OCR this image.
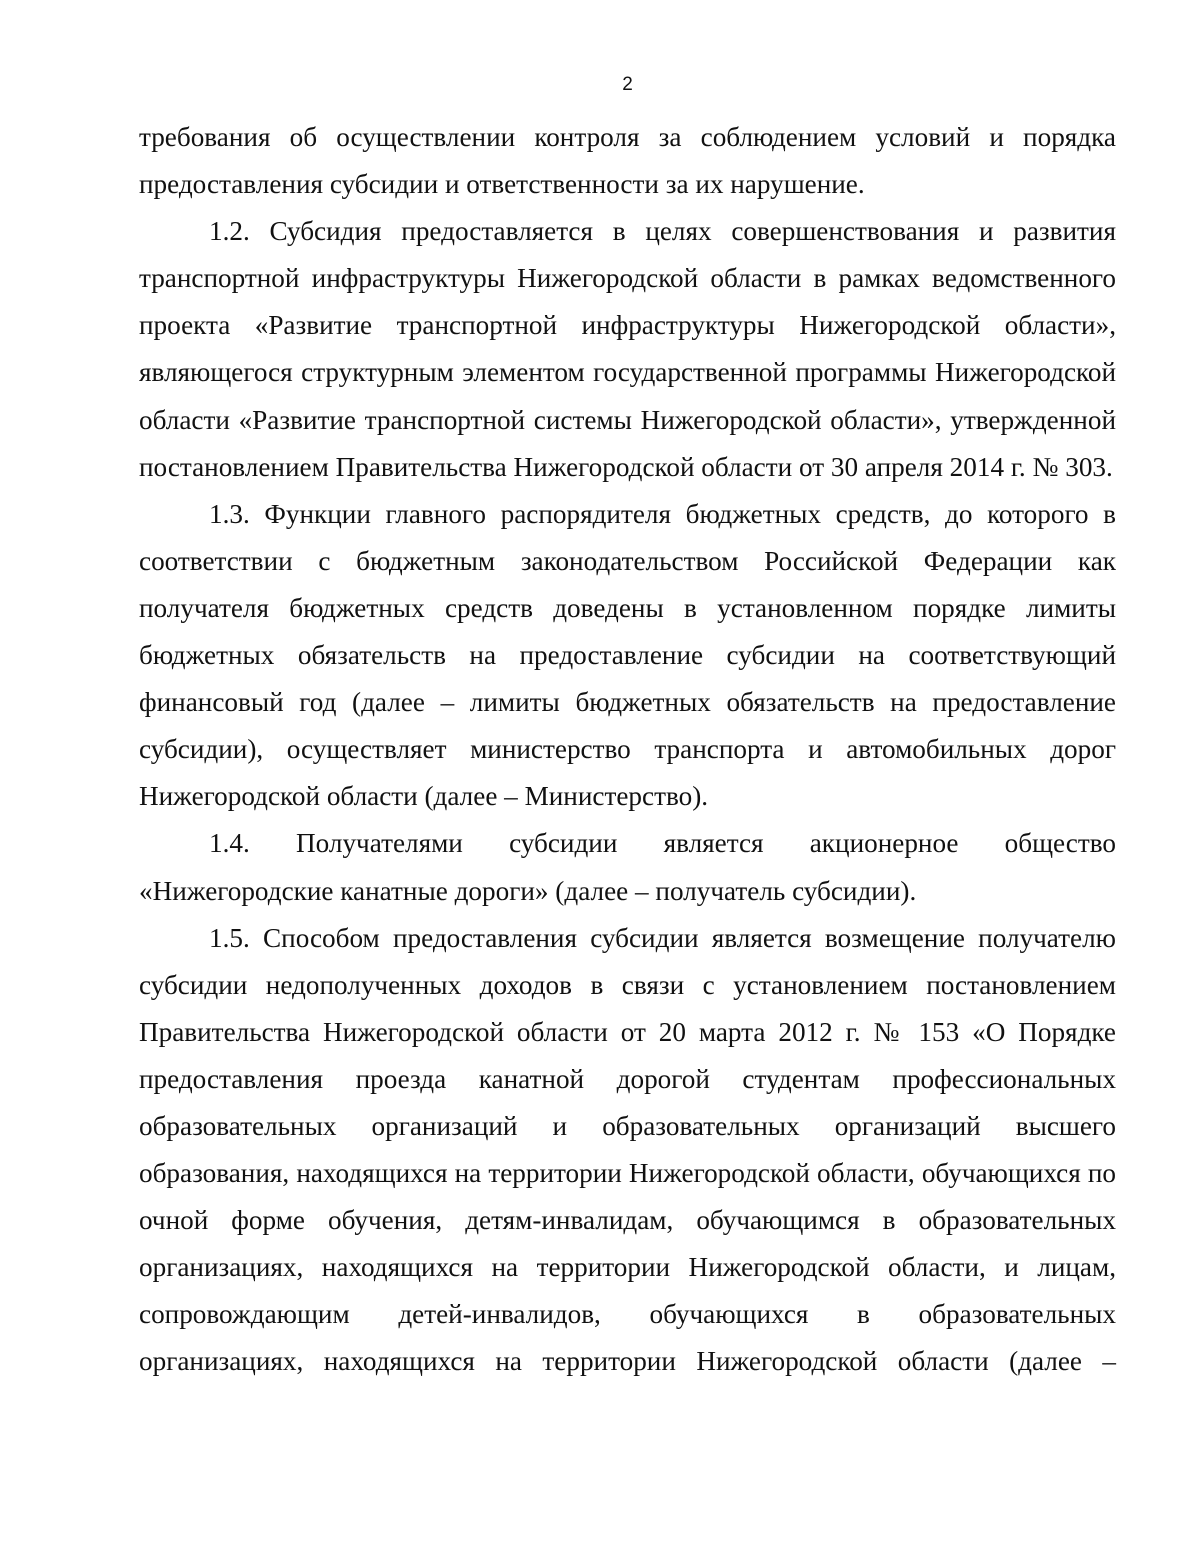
2

требования об осуществлении контроля за соблюдением условий и порядка предоставления субсидии и ответственности за их нарушение.

1.2. Субсидия предоставляется в целях совершенствования и развития транспортной инфраструктуры Нижегородской области в рамках ведомственного проекта «Развитие транспортной инфраструктуры Нижегородской области», являющегося структурным элементом государственной программы Нижегородской области «Развитие транспортной системы Нижегородской области», утвержденной постановлением Правительства Нижегородской области от 30 апреля 2014 г. № 303.

1.3. Функции главного распорядителя бюджетных средств, до которого в соответствии с бюджетным законодательством Российской Федерации как получателя бюджетных средств доведены в установленном порядке лимиты бюджетных обязательств на предоставление субсидии на соответствующий финансовый год (далее – лимиты бюджетных обязательств на предоставление субсидии), осуществляет министерство транспорта и автомобильных дорог Нижегородской области (далее – Министерство).

1.4. Получателями субсидии является акционерное общество «Нижегородские канатные дороги» (далее – получатель субсидии).

1.5. Способом предоставления субсидии является возмещение получателю субсидии недополученных доходов в связи с установлением постановлением Правительства Нижегородской области от 20 марта 2012 г. № 153 «О Порядке предоставления проезда канатной дорогой студентам профессиональных образовательных организаций и образовательных организаций высшего образования, находящихся на территории Нижегородской области, обучающихся по очной форме обучения, детям-инвалидам, обучающимся в образовательных организациях, находящихся на территории Нижегородской области, и лицам, сопровождающим детей-инвалидов, обучающихся в образовательных организациях, находящихся на территории Нижегородской области (далее –
